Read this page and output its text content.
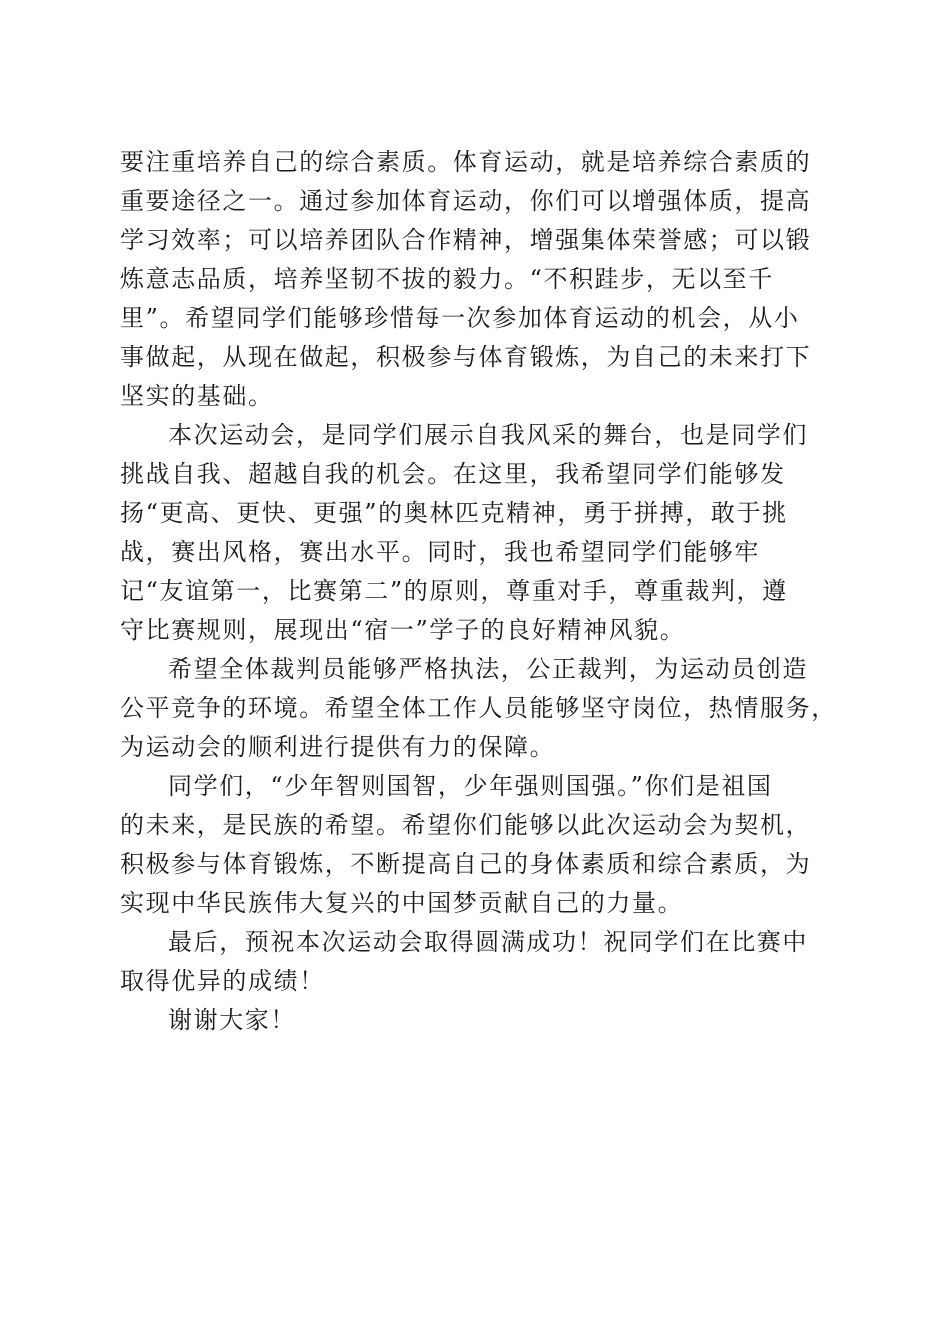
要注重培养自己的综合素质。体育运动，就是培养综合素质的
重要途径之一。通过参加体育运动，你们可以增强体质，提高
学习效率；可以培养团队合作精神，增强集体荣誉感；可以锻
炼意志品质，培养坚韧不拔的毅力。“不积跬步，无以至千
里”。希望同学们能够珍惜每一次参加体育运动的机会，从小
事做起，从现在做起，积极参与体育锻炼，为自己的未来打下
坚实的基础。
本次运动会，是同学们展示自我风采的舞台，也是同学们
挑战自我、超越自我的机会。在这里，我希望同学们能够发
扬“更高、更快、更强”的奥林匹克精神，勇于拼搏，敢于挑
战，赛出风格，赛出水平。同时，我也希望同学们能够牢
记“友谊第一，比赛第二”的原则，尊重对手，尊重裁判，遵
守比赛规则，展现出“宿一”学子的良好精神风貌。
希望全体裁判员能够严格执法，公正裁判，为运动员创造
公平竞争的环境。希望全体工作人员能够坚守岗位，热情服务，
为运动会的顺利进行提供有力的保障。
同学们，“少年智则国智，少年强则国强。”你们是祖国
的未来，是民族的希望。希望你们能够以此次运动会为契机，
积极参与体育锻炼，不断提高自己的身体素质和综合素质，为
实现中华民族伟大复兴的中国梦贡献自己的力量。
最后，预祝本次运动会取得圆满成功！祝同学们在比赛中
取得优异的成绩！
谢谢大家！
